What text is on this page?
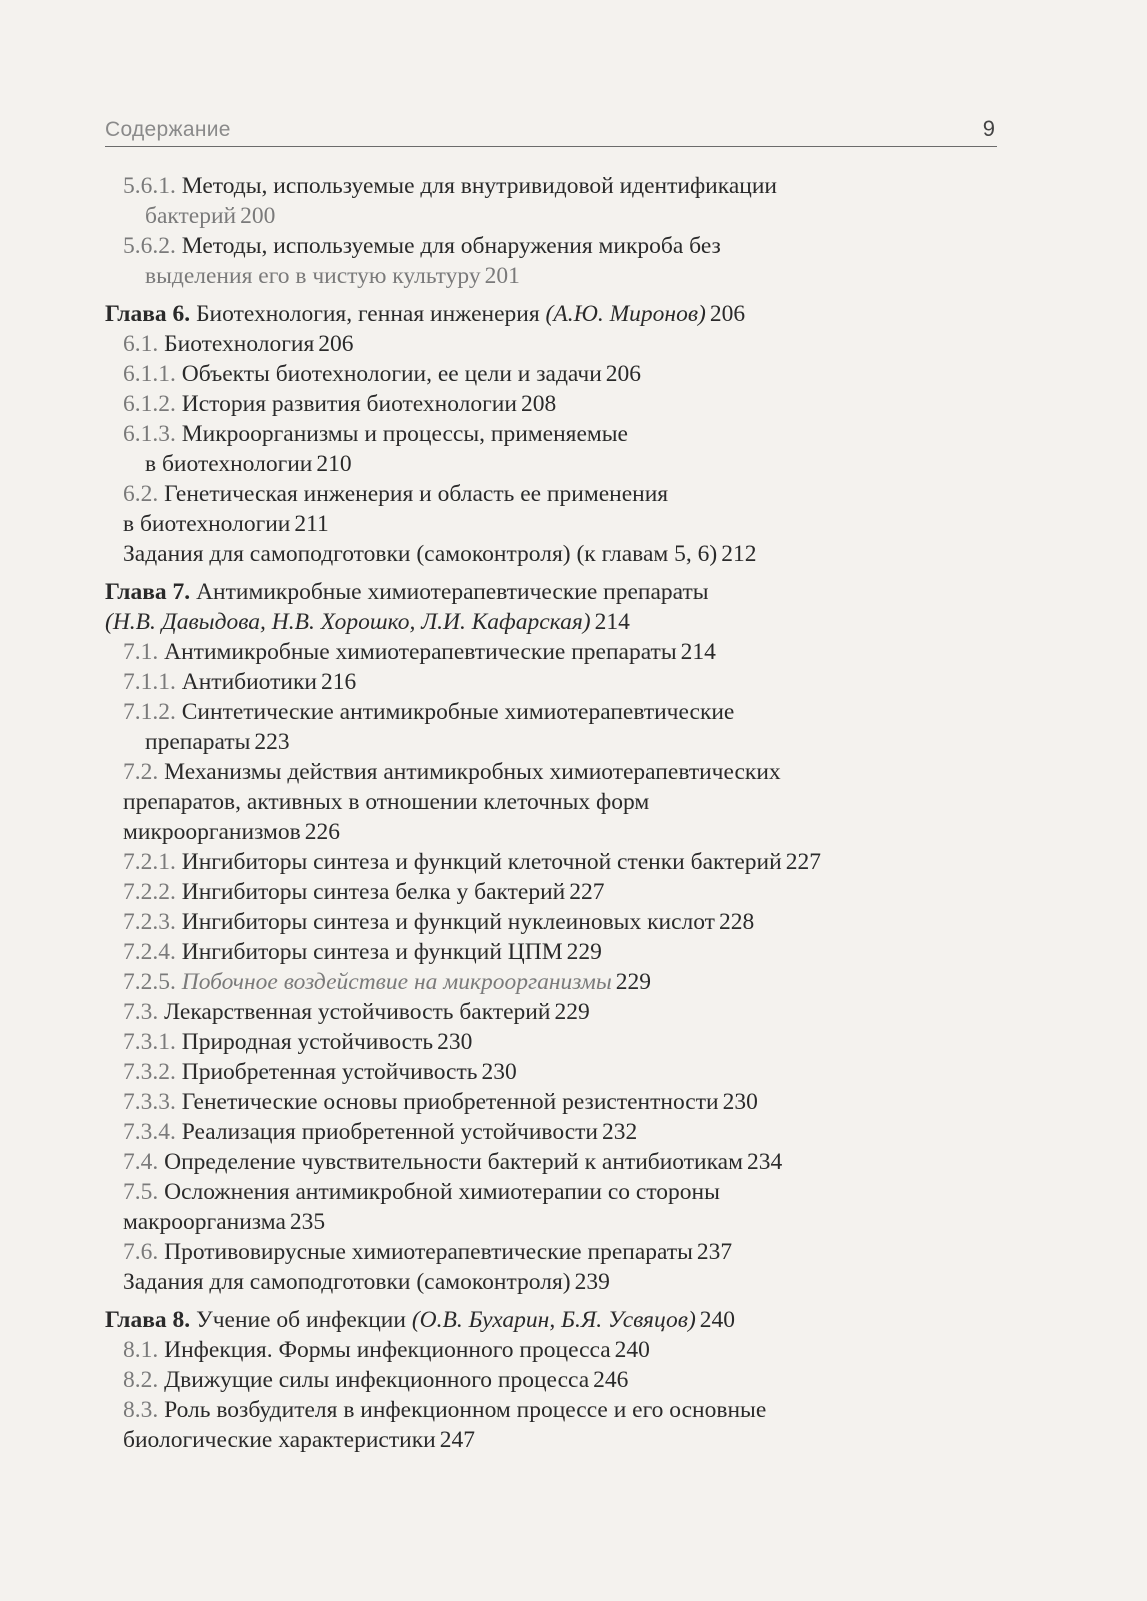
Содержание	9
5.6.1. Методы, используемые для внутривидовой идентификации
бактерий 200
5.6.2. Методы, используемые для обнаружения микроба без
выделения его в чистую культуру 201
Глава 6. Биотехнология, генная инженерия (А.Ю. Миронов) 206
6.1. Биотехнология 206
6.1.1. Объекты биотехнологии, ее цели и задачи 206
6.1.2. История развития биотехнологии 208
6.1.3. Микроорганизмы и процессы, применяемые
в биотехнологии 210
6.2. Генетическая инженерия и область ее применения
в биотехнологии 211
Задания для самоподготовки (самоконтроля) (к главам 5, 6) 212
Глава 7. Антимикробные химиотерапевтические препараты
(Н.В. Давыдова, Н.В. Хорошко, Л.И. Кафарская) 214
7.1. Антимикробные химиотерапевтические препараты 214
7.1.1. Антибиотики 216
7.1.2. Синтетические антимикробные химиотерапевтические
препараты 223
7.2. Механизмы действия антимикробных химиотерапевтических
препаратов, активных в отношении клеточных форм
микроорганизмов 226
7.2.1. Ингибиторы синтеза и функций клеточной стенки бактерий 227
7.2.2. Ингибиторы синтеза белка у бактерий 227
7.2.3. Ингибиторы синтеза и функций нуклеиновых кислот 228
7.2.4. Ингибиторы синтеза и функций ЦПМ 229
7.2.5. Побочное воздействие на микроорганизмы 229
7.3. Лекарственная устойчивость бактерий 229
7.3.1. Природная устойчивость 230
7.3.2. Приобретенная устойчивость 230
7.3.3. Генетические основы приобретенной резистентности 230
7.3.4. Реализация приобретенной устойчивости 232
7.4. Определение чувствительности бактерий к антибиотикам 234
7.5. Осложнения антимикробной химиотерапии со стороны
макроорганизма 235
7.6. Противовирусные химиотерапевтические препараты 237
Задания для самоподготовки (самоконтроля) 239
Глава 8. Учение об инфекции (О.В. Бухарин, Б.Я. Усвяцов) 240
8.1. Инфекция. Формы инфекционного процесса 240
8.2. Движущие силы инфекционного процесса 246
8.3. Роль возбудителя в инфекционном процессе и его основные
биологические характеристики 247
